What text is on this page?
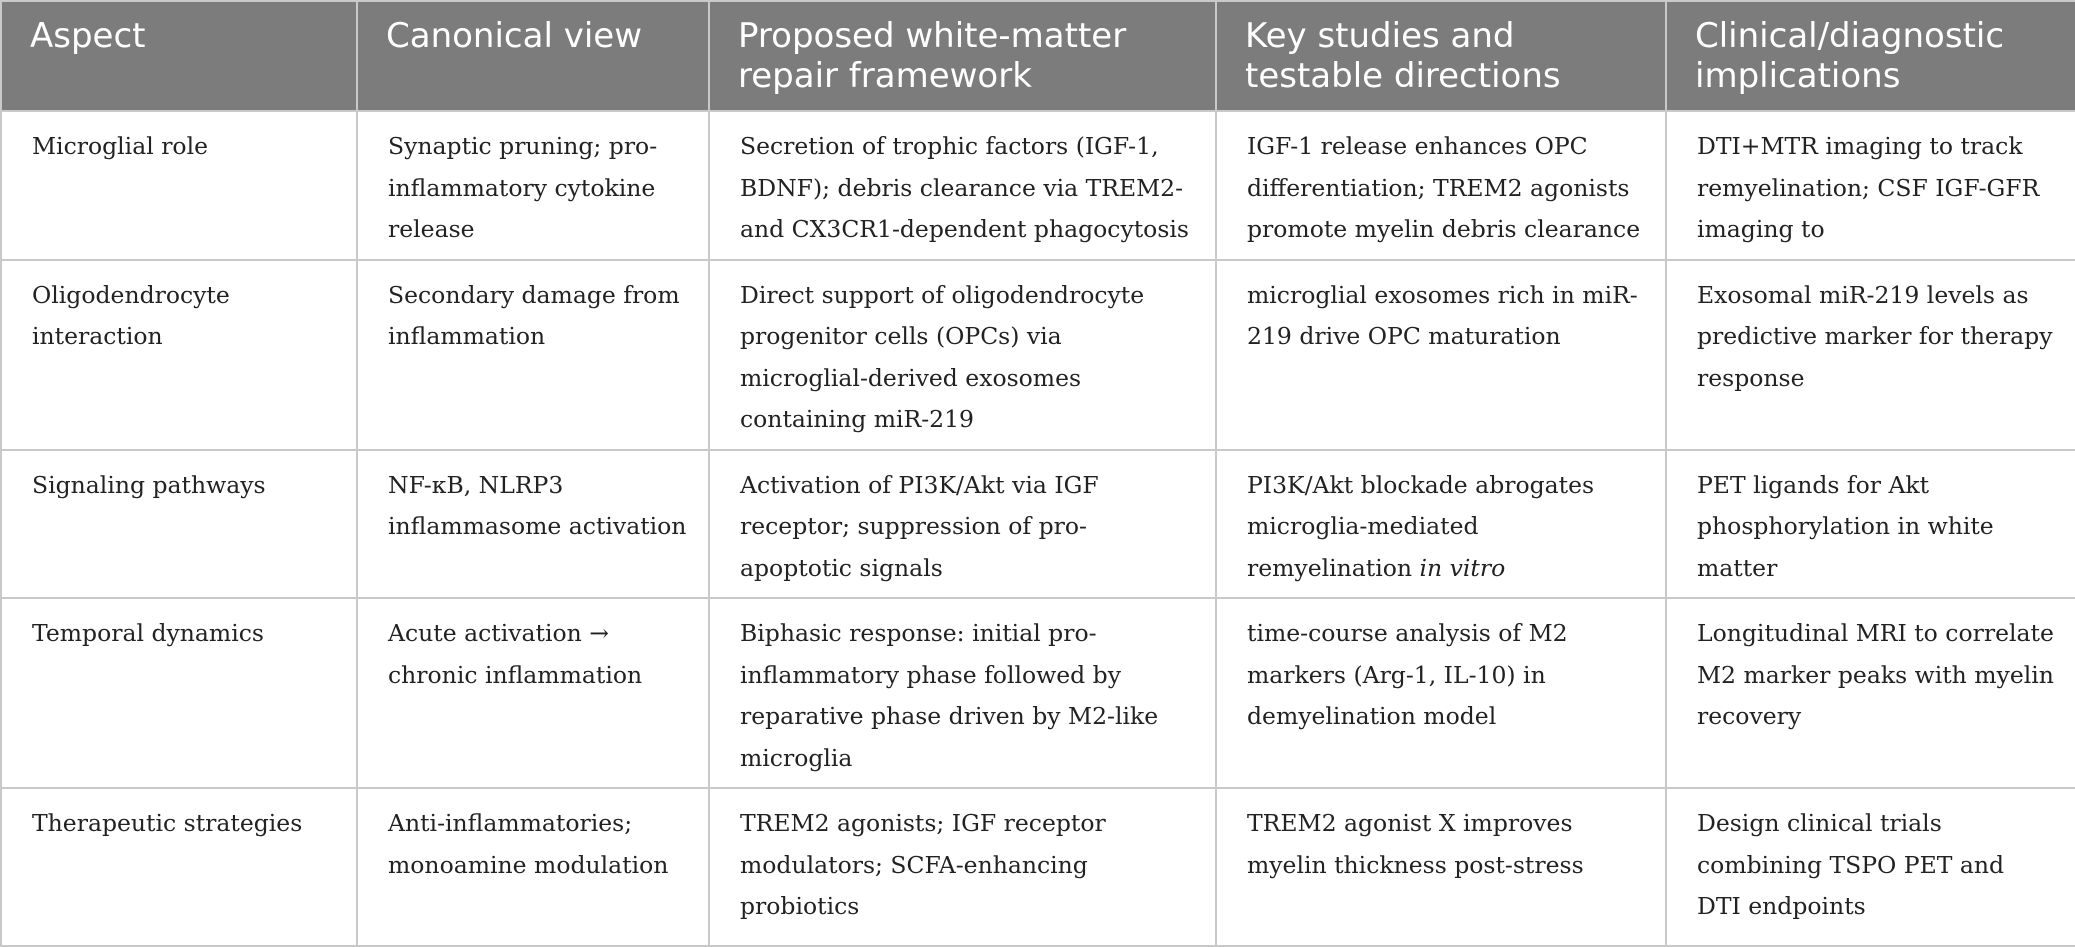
Aspect	Canonical view	Proposed white-matter repair framework	Key studies and testable directions	Clinical/diagnostic implications
Microglial role	Synaptic pruning; pro-inflammatory cytokine release	Secretion of trophic factors (IGF-1, BDNF); debris clearance via TREM2- and CX3CR1-dependent phagocytosis	IGF-1 release enhances OPC differentiation; TREM2 agonists promote myelin debris clearance	DTI+MTR imaging to track remyelination; CSF IGF-GFR imaging to
Oligodendrocyte interaction	Secondary damage from inflammation	Direct support of oligodendrocyte progenitor cells (OPCs) via microglial-derived exosomes containing miR-219	microglial exosomes rich in miR-219 drive OPC maturation	Exosomal miR-219 levels as predictive marker for therapy response
Signaling pathways	NF-κB, NLRP3 inflammasome activation	Activation of PI3K/Akt via IGF receptor; suppression of pro-apoptotic signals	PI3K/Akt blockade abrogates microglia-mediated remyelination in vitro	PET ligands for Akt phosphorylation in white matter
Temporal dynamics	Acute activation → chronic inflammation	Biphasic response: initial pro-inflammatory phase followed by reparative phase driven by M2-like microglia	time-course analysis of M2 markers (Arg-1, IL-10) in demyelination model	Longitudinal MRI to correlate M2 marker peaks with myelin recovery
Therapeutic strategies	Anti-inflammatories; monoamine modulation	TREM2 agonists; IGF receptor modulators; SCFA-enhancing probiotics	TREM2 agonist X improves myelin thickness post-stress	Design clinical trials combining TSPO PET and DTI endpoints
